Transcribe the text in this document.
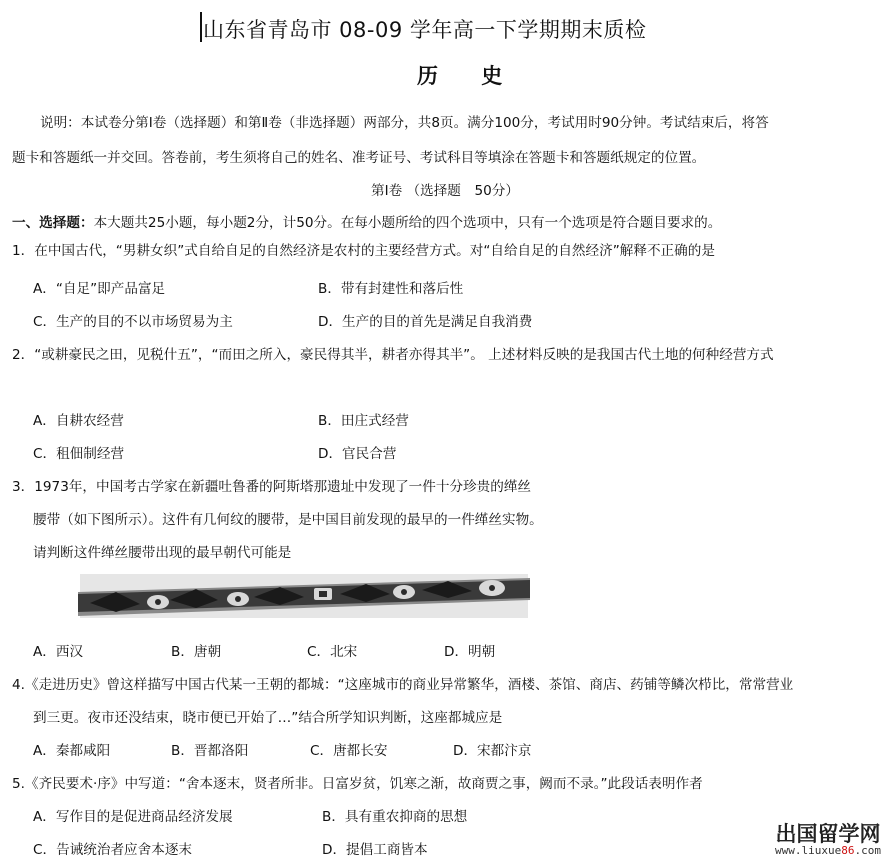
山东省青岛市 08-09 学年高一下学期期末质检
历 史
说明：本试卷分第Ⅰ卷（选择题）和第Ⅱ卷（非选择题）两部分，共8页。满分100分，考试用时90分钟。考试结束后，将答
题卡和答题纸一并交回。答卷前，考生须将自己的姓名、准考证号、考试科目等填涂在答题卡和答题纸规定的位置。
第Ⅰ卷 （选择题　50分）
一、选择题：本大题共25小题，每小题2分，计50分。在每小题所给的四个选项中，只有一个选项是符合题目要求的。
1．在中国古代，“男耕女织”式自给自足的自然经济是农村的主要经营方式。对“自给自足的自然经济”解释不正确的是
A．“自足”即产品富足	B．带有封建性和落后性
C．生产的目的不以市场贸易为主	D．生产的目的首先是满足自我消费
2．“或耕豪民之田，见税什五”，“而田之所入，豪民得其半，耕者亦得其半”。 上述材料反映的是我国古代土地的何种经营方式
A．自耕农经营	B．田庄式经营
C．租佃制经营	D．官民合营
3．1973年，中国考古学家在新疆吐鲁番的阿斯塔那遗址中发现了一件十分珍贵的缂丝
腰带（如下图所示）。这件有几何纹的腰带，是中国目前发现的最早的一件缂丝实物。
请判断这件缂丝腰带出现的最早朝代可能是
A．西汉	B．唐朝	C．北宋	D．明朝
4.《走进历史》曾这样描写中国古代某一王朝的都城：“这座城市的商业异常繁华，酒楼、茶馆、商店、药铺等鳞次栉比，常常营业
到三更。夜市还没结束，晓市便已开始了…”结合所学知识判断，这座都城应是
A．秦都咸阳	B．晋都洛阳	C．唐都长安	D．宋都汴京
5.《齐民要术·序》中写道：“舍本逐末，贤者所非。日富岁贫，饥寒之渐，故商贾之事，阙而不录。”此段话表明作者
A．写作目的是促进商品经济发展	B．具有重农抑商的思想
C．告诫统治者应舍本逐末	D．提倡工商皆本
出国留学网
www.liuxue86.com
